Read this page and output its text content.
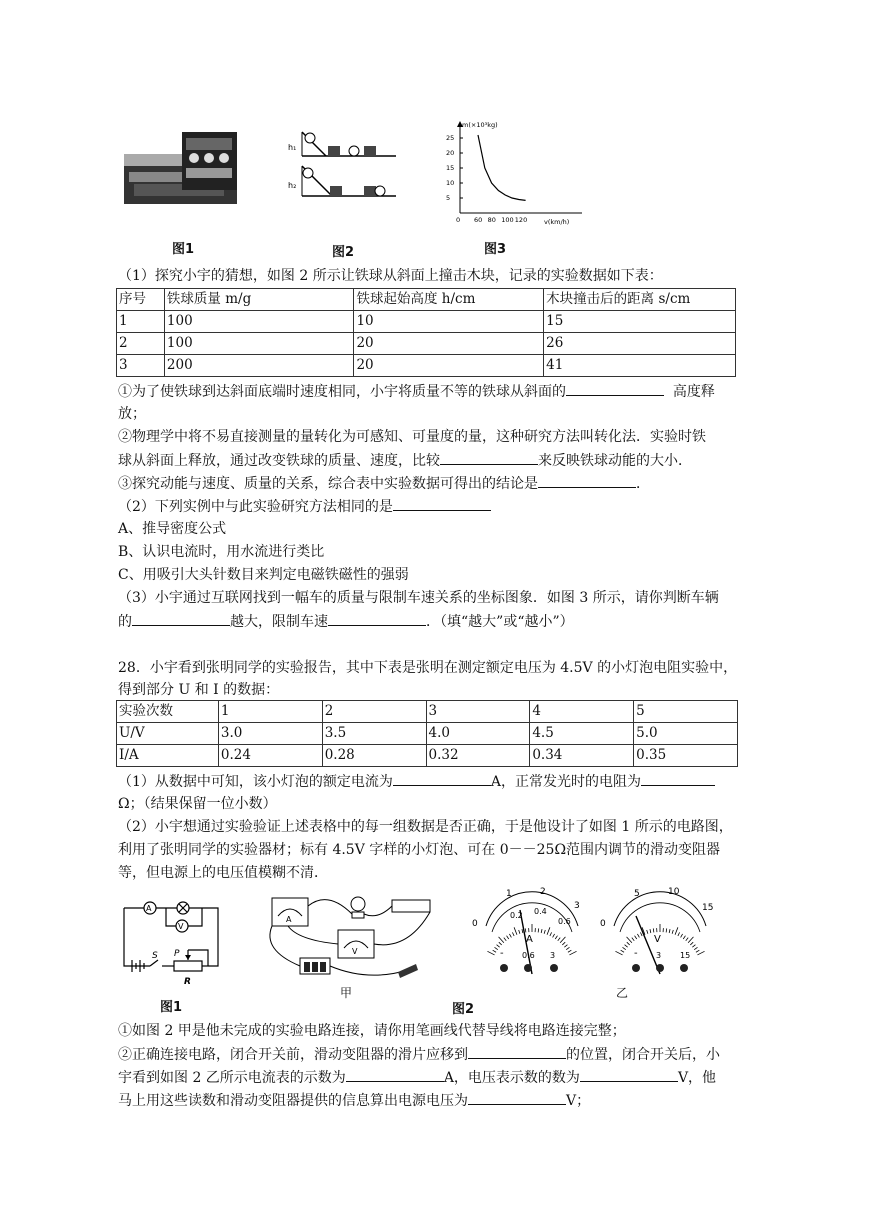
图1
h₁
h₂
图2
m(×10³kg)
v(km/h)
0 60 80 100 120
25
20
15
10
5
图3
（1）探究小宇的猜想，如图 2 所示让铁球从斜面上撞击木块，记录的实验数据如下表：
序号	铁球质量 m/g	铁球起始高度 h/cm	木块撞击后的距离 s/cm
1	100	10	15
2	100	20	26
3	200	20	41
①为了使铁球到达斜面底端时速度相同，小宇将质量不等的铁球从斜面的	高度释
放；
②物理学中将不易直接测量的量转化为可感知、可量度的量，这种研究方法叫转化法．实验时铁
球从斜面上释放，通过改变铁球的质量、速度，比较	来反映铁球动能的大小．
③探究动能与速度、质量的关系，综合表中实验数据可得出的结论是	．
（2）下列实例中与此实验研究方法相同的是
A、推导密度公式
B、认识电流时，用水流进行类比
C、用吸引大头针数目来判定电磁铁磁性的强弱
（3）小宇通过互联网找到一幅车的质量与限制车速关系的坐标图象．如图 3 所示，请你判断车辆
的	越大，限制车速	．（填“越大”或“越小”）
28．小宇看到张明同学的实验报告，其中下表是张明在测定额定电压为 4.5V 的小灯泡电阻实验中，
得到部分 U 和 I 的数据：
实验次数	1	2	3	4	5
U/V	3.0	3.5	4.0	4.5	5.0
I/A	0.24	0.28	0.32	0.34	0.35
（1）从数据中可知，该小灯泡的额定电流为	A，正常发光时的电阻为
Ω；（结果保留一位小数）
（2）小宇想通过实验验证上述表格中的每一组数据是否正确，于是他设计了如图 1 所示的电路图，
利用了张明同学的实验器材；标有 4.5V 字样的小灯泡、可在 0－－25Ω范围内调节的滑动变阻器
等，但电源上的电压值模糊不清．
A
V
S P
R
图1
A
V
甲
图2
0
0.2 0.4
0.6
1	2
3
A
- 0.6 3
0
5	10
15
V
- 3 15
乙
①如图 2 甲是他未完成的实验电路连接，请你用笔画线代替导线将电路连接完整；
②正确连接电路，闭合开关前，滑动变阻器的滑片应移到	的位置，闭合开关后，小
宇看到如图 2 乙所示电流表的示数为	A，电压表示数的数为	V，他
马上用这些读数和滑动变阻器提供的信息算出电源电压为	V；
